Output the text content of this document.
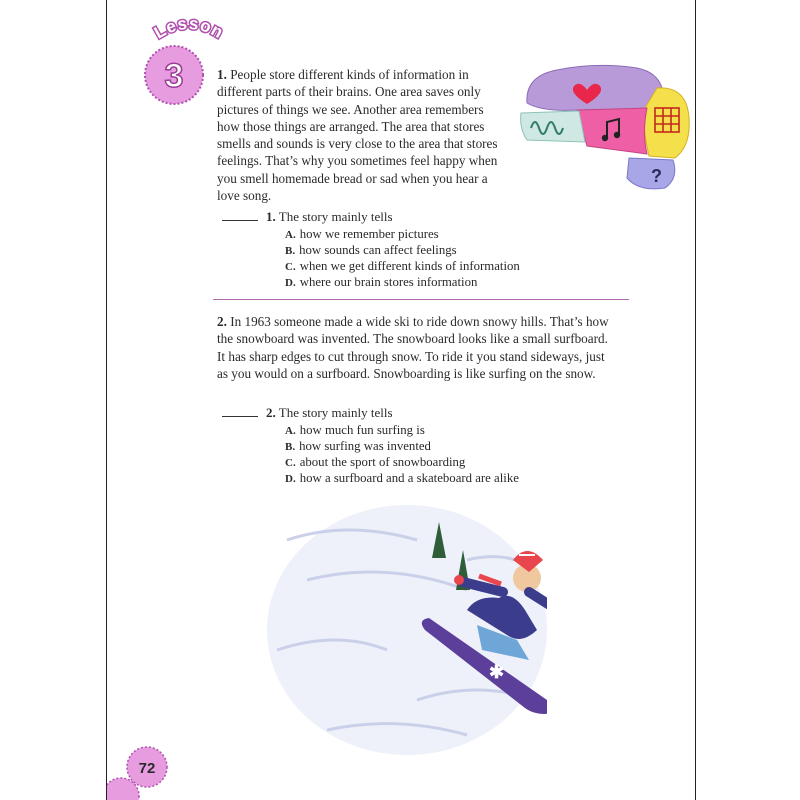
Lesson
3	1. People store different kinds of information in different parts of their brains. One area saves only pictures of things we see. Another area remembers how those things are arranged. The area that stores smells and sounds is very close to the area that stores feelings. That’s why you sometimes feel happy when you smell homemade bread or sad when you hear a love song.
?
1. The story mainly tells
A. how we remember pictures
B. how sounds can affect feelings
C. when we get different kinds of information
D. where our brain stores information
2. In 1963 someone made a wide ski to ride down snowy hills. That’s how the snowboard was invented. The snowboard looks like a small surfboard. It has sharp edges to cut through snow. To ride it you stand sideways, just as you would on a surfboard. Snowboarding is like surfing on the snow.
2. The story mainly tells
A. how much fun surfing is
B. how surfing was invented
C. about the sport of snowboarding
D. how a surfboard and a skateboard are alike
✱
72
